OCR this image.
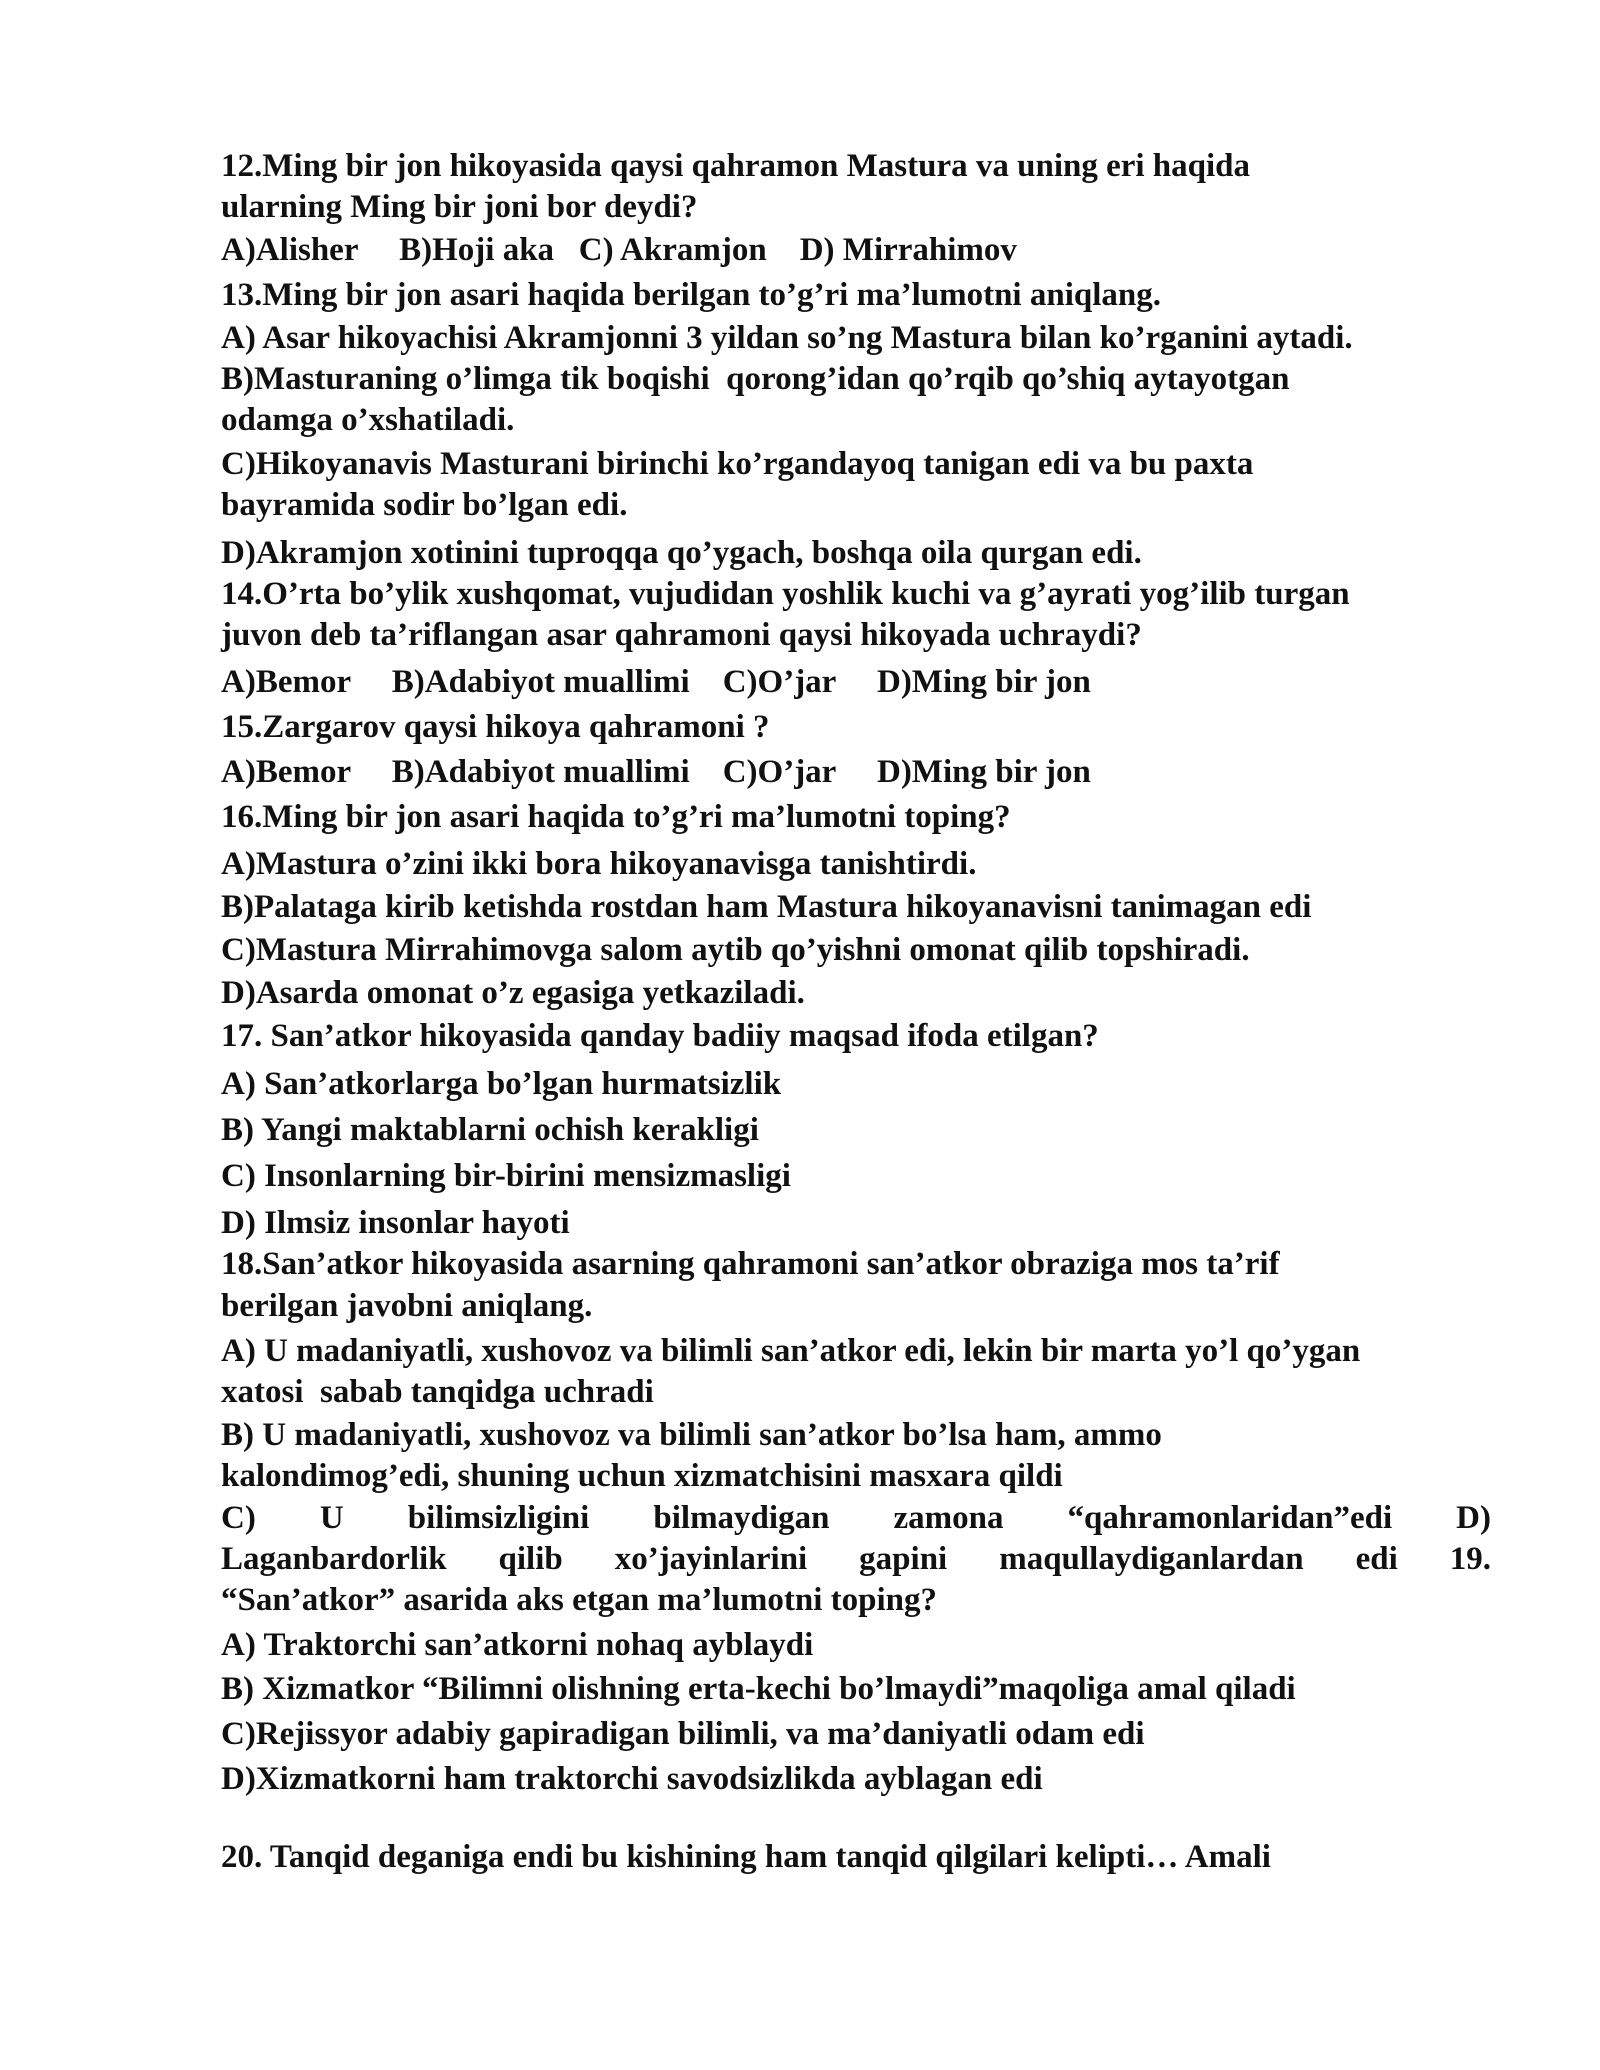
12.Ming bir jon hikoyasida qaysi qahramon Mastura va uning eri haqida

ularning Ming bir joni bor deydi?

A)Alisher     B)Hoji aka   C) Akramjon    D) Mirrahimov

13.Ming bir jon asari haqida berilgan to’g’ri ma’lumotni aniqlang.

A) Asar hikoyachisi Akramjonni 3 yildan so’ng Mastura bilan ko’rganini aytadi.

B)Masturaning o’limga tik boqishi  qorong’idan qo’rqib qo’shiq aytayotgan

odamga o’xshatiladi.

C)Hikoyanavis Masturani birinchi ko’rgandayoq tanigan edi va bu paxta

bayramida sodir bo’lgan edi.

D)Akramjon xotinini tuproqqa qo’ygach, boshqa oila qurgan edi.

14.O’rta bo’ylik xushqomat, vujudidan yoshlik kuchi va g’ayrati yog’ilib turgan

juvon deb ta’riflangan asar qahramoni qaysi hikoyada uchraydi?

A)Bemor     B)Adabiyot muallimi    C)O’jar     D)Ming bir jon

15.Zargarov qaysi hikoya qahramoni ?

A)Bemor     B)Adabiyot muallimi    C)O’jar     D)Ming bir jon

16.Ming bir jon asari haqida to’g’ri ma’lumotni toping?

A)Mastura o’zini ikki bora hikoyanavisga tanishtirdi.

B)Palataga kirib ketishda rostdan ham Mastura hikoyanavisni tanimagan edi

C)Mastura Mirrahimovga salom aytib qo’yishni omonat qilib topshiradi.

D)Asarda omonat o’z egasiga yetkaziladi.

17. San’atkor hikoyasida qanday badiiy maqsad ifoda etilgan?

A) San’atkorlarga bo’lgan hurmatsizlik

B) Yangi maktablarni ochish kerakligi

C) Insonlarning bir-birini mensizmasligi

D) Ilmsiz insonlar hayoti

18.San’atkor hikoyasida asarning qahramoni san’atkor obraziga mos ta’rif

berilgan javobni aniqlang.

A) U madaniyatli, xushovoz va bilimli san’atkor edi, lekin bir marta yo’l qo’ygan

xatosi  sabab tanqidga uchradi

B) U madaniyatli, xushovoz va bilimli san’atkor bo’lsa ham, ammo

kalondimog’edi, shuning uchun xizmatchisini masxara qildi

C) U bilimsizligini bilmaydigan zamona “qahramonlaridan”edi D)

Laganbardorlik qilib xo’jayinlarini gapini maqullaydiganlardan edi 19.

“San’atkor” asarida aks etgan ma’lumotni toping?

A) Traktorchi san’atkorni nohaq ayblaydi

B) Xizmatkor “Bilimni olishning erta-kechi bo’lmaydi”maqoliga amal qiladi

C)Rejissyor adabiy gapiradigan bilimli, va ma’daniyatli odam edi

D)Xizmatkorni ham traktorchi savodsizlikda ayblagan edi

20. Tanqid deganiga endi bu kishining ham tanqid qilgilari kelipti… Amali
